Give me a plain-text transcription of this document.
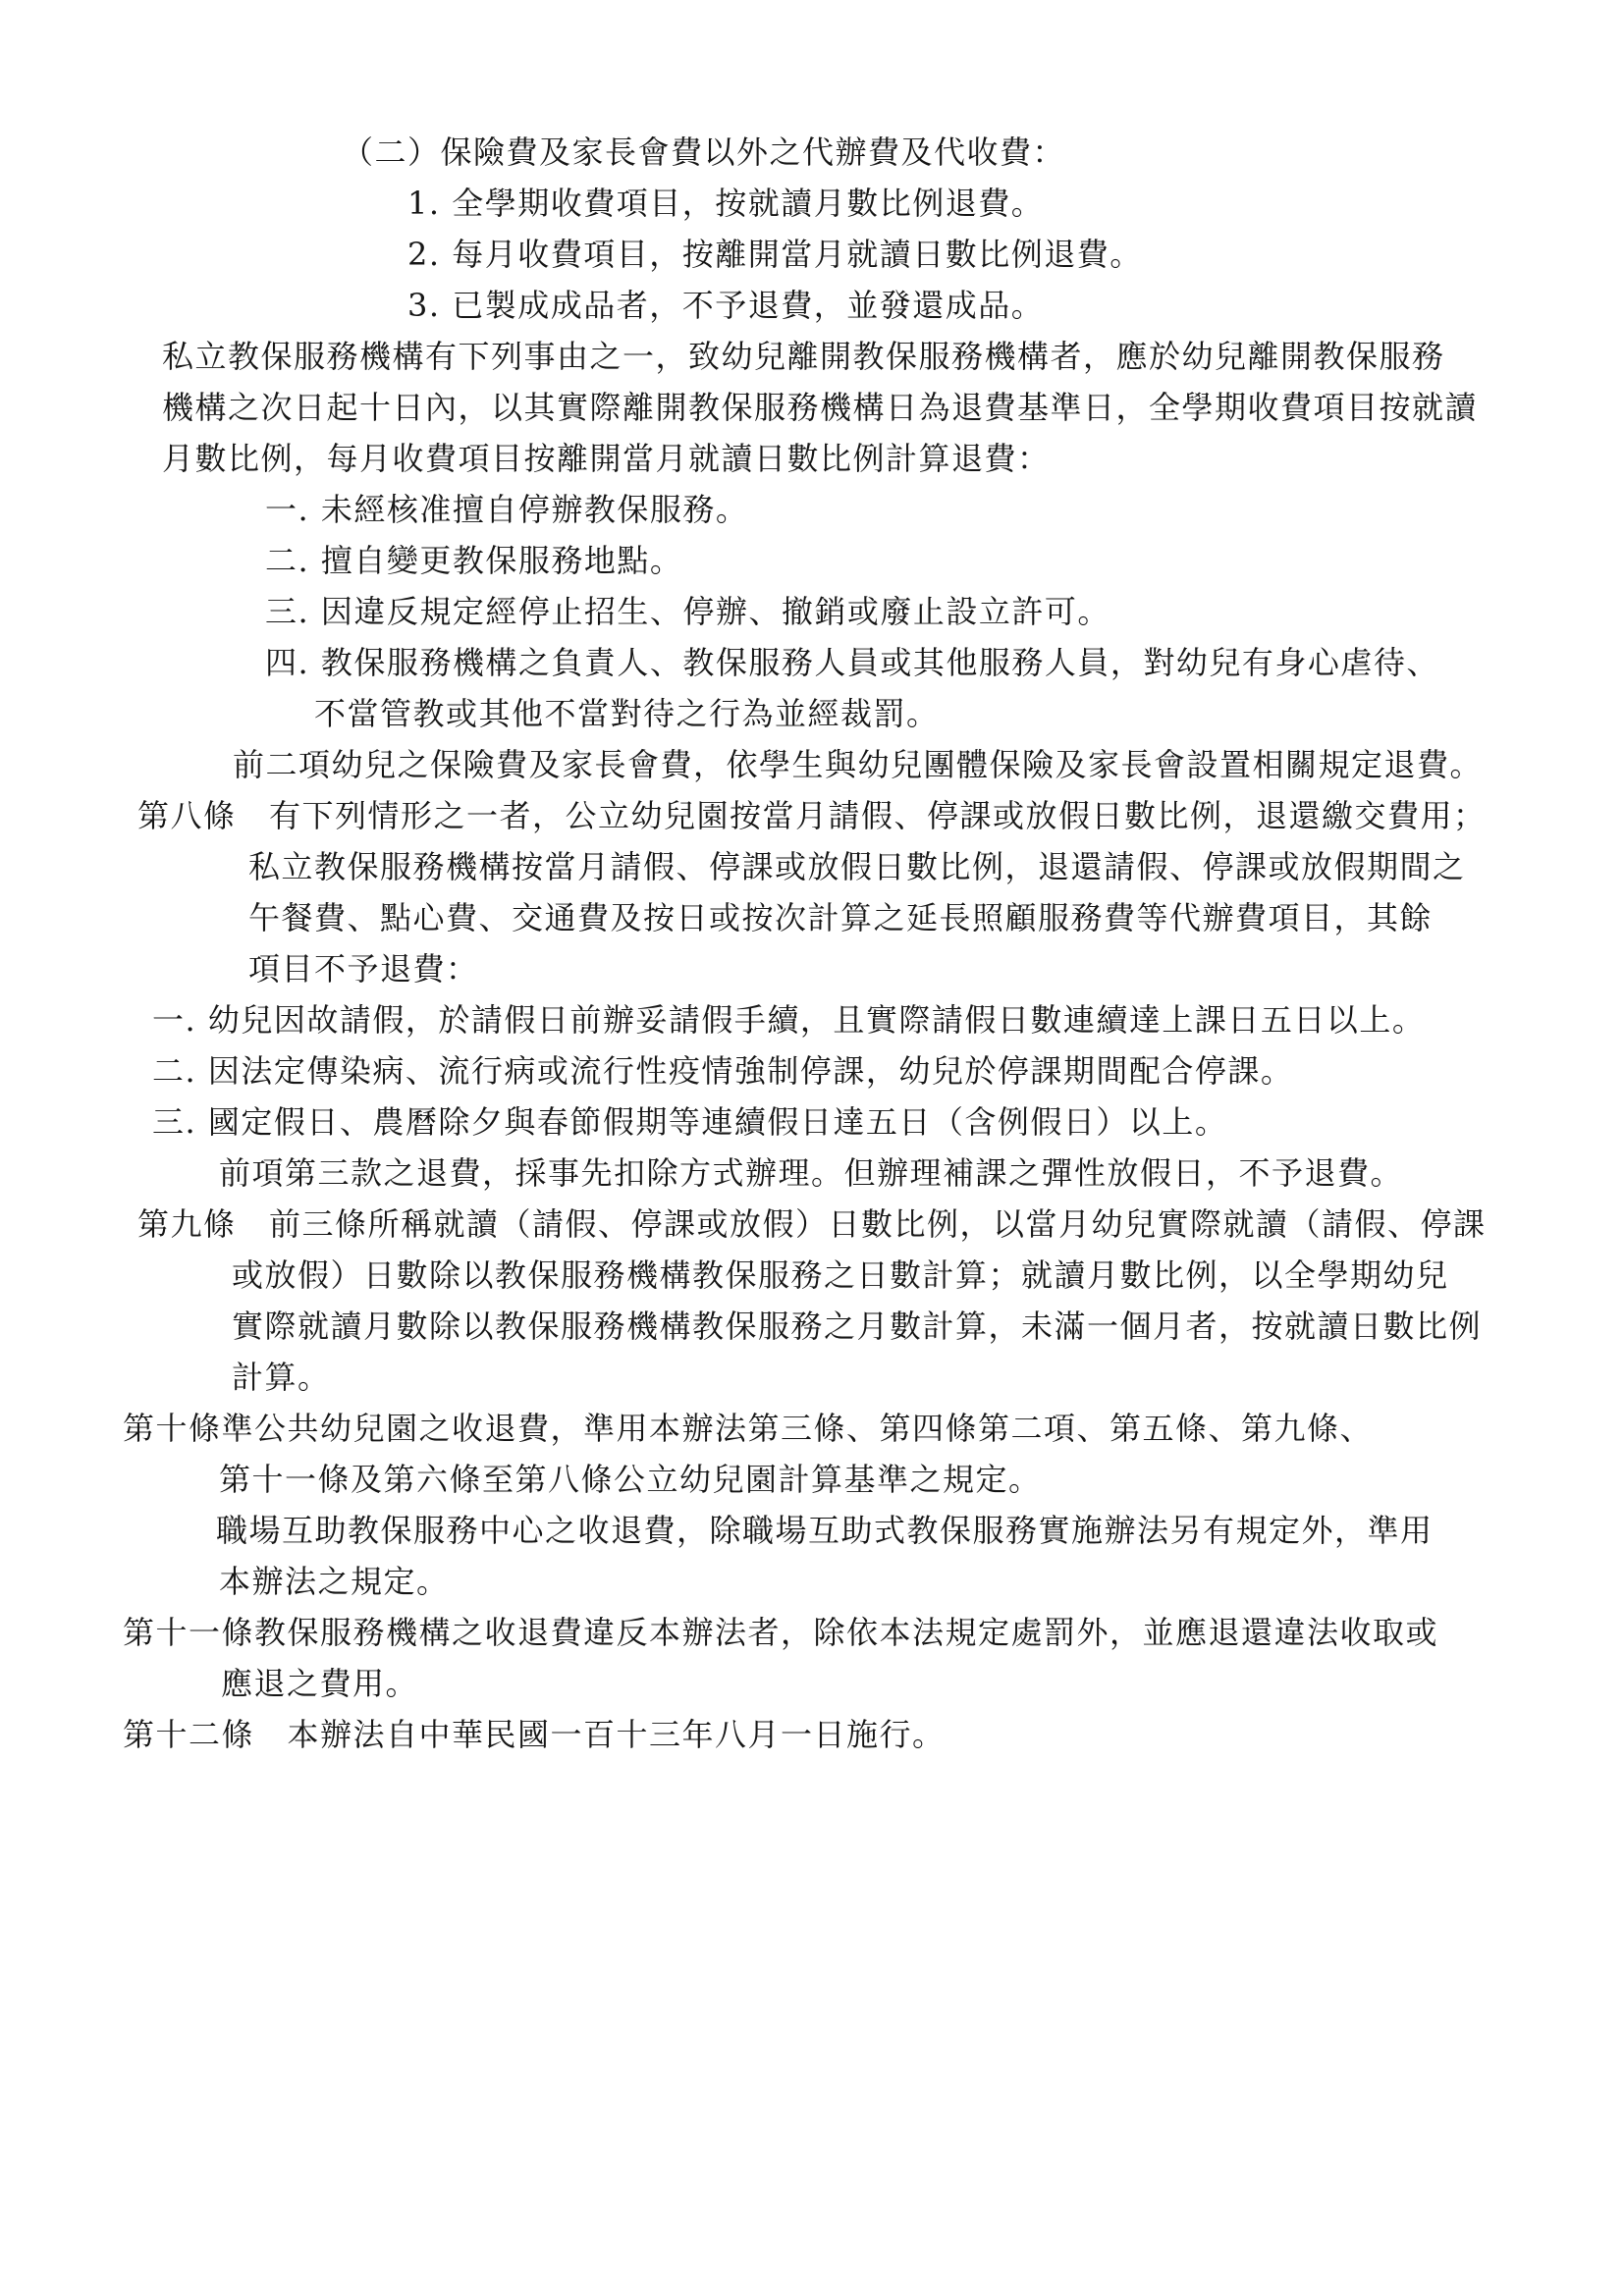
（二）保險費及家長會費以外之代辦費及代收費：
1. 全學期收費項目，按就讀月數比例退費。
2. 每月收費項目，按離開當月就讀日數比例退費。
3. 已製成成品者，不予退費，並發還成品。
私立教保服務機構有下列事由之一，致幼兒離開教保服務機構者，應於幼兒離開教保服務
機構之次日起十日內，以其實際離開教保服務機構日為退費基準日，全學期收費項目按就讀
月數比例，每月收費項目按離開當月就讀日數比例計算退費：
一. 未經核准擅自停辦教保服務。
二. 擅自變更教保服務地點。
三. 因違反規定經停止招生、停辦、撤銷或廢止設立許可。
四. 教保服務機構之負責人、教保服務人員或其他服務人員，對幼兒有身心虐待、
不當管教或其他不當對待之行為並經裁罰。
前二項幼兒之保險費及家長會費，依學生與幼兒團體保險及家長會設置相關規定退費。
第八條　有下列情形之一者，公立幼兒園按當月請假、停課或放假日數比例，退還繳交費用；
私立教保服務機構按當月請假、停課或放假日數比例，退還請假、停課或放假期間之
午餐費、點心費、交通費及按日或按次計算之延長照顧服務費等代辦費項目，其餘
項目不予退費：
一. 幼兒因故請假，於請假日前辦妥請假手續，且實際請假日數連續達上課日五日以上。
二. 因法定傳染病、流行病或流行性疫情強制停課，幼兒於停課期間配合停課。
三. 國定假日、農曆除夕與春節假期等連續假日達五日（含例假日）以上。
前項第三款之退費，採事先扣除方式辦理。但辦理補課之彈性放假日，不予退費。
第九條　前三條所稱就讀（請假、停課或放假）日數比例，以當月幼兒實際就讀（請假、停課
或放假）日數除以教保服務機構教保服務之日數計算；就讀月數比例，以全學期幼兒
實際就讀月數除以教保服務機構教保服務之月數計算，未滿一個月者，按就讀日數比例
計算。
第十條準公共幼兒園之收退費，準用本辦法第三條、第四條第二項、第五條、第九條、
第十一條及第六條至第八條公立幼兒園計算基準之規定。
職場互助教保服務中心之收退費，除職場互助式教保服務實施辦法另有規定外，準用
本辦法之規定。
第十一條教保服務機構之收退費違反本辦法者，除依本法規定處罰外，並應退還違法收取或
應退之費用。
第十二條　本辦法自中華民國一百十三年八月一日施行。
